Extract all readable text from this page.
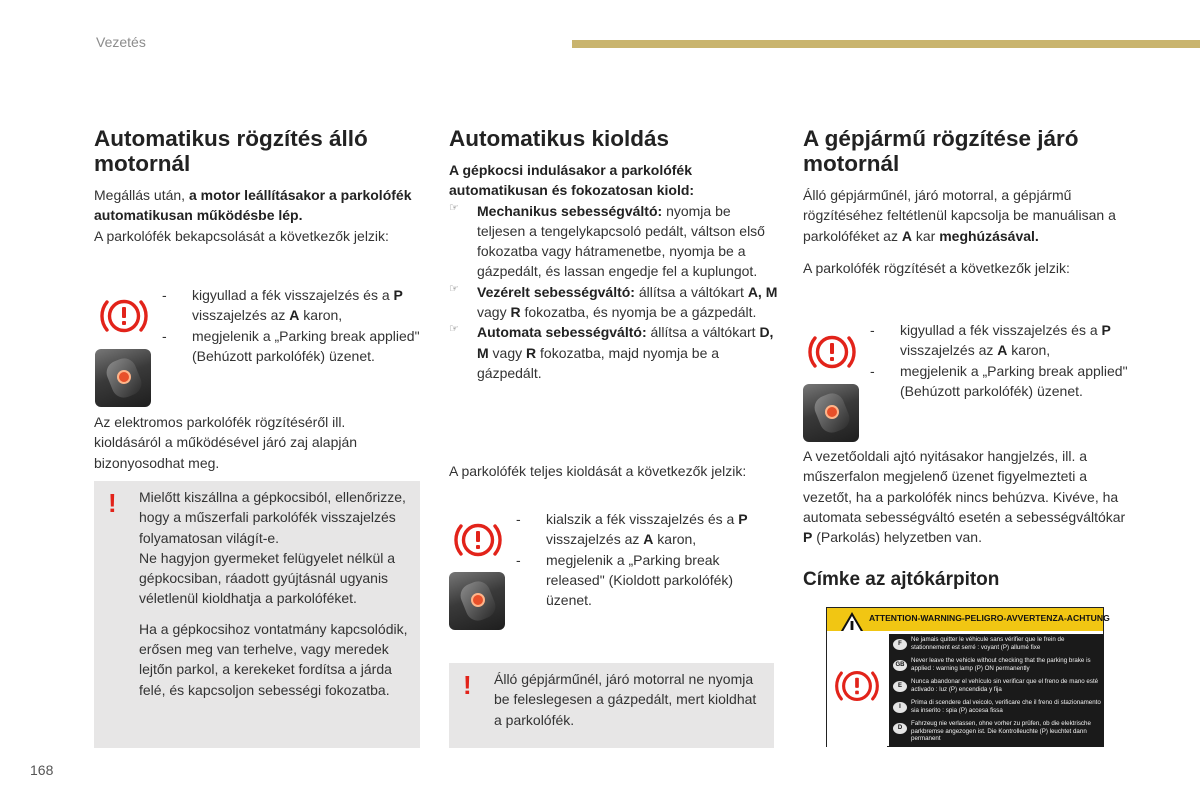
Vezetés
Automatikus rögzítés álló motornál

Megállás után, a motor leállításakor a parkolófék automatikusan működésbe lép.
A parkolófék bekapcsolását a következők jelzik:

- kigyullad a fék visszajelzés és a P visszajelzés az A karon,
- megjelenik a „Parking break applied" (Behúzott parkolófék) üzenet.

Az elektromos parkolófék rögzítéséről ill. kioldásáról a működésével járó zaj alapján bizonyosodhat meg.

! Mielőtt kiszállna a gépkocsiból, ellenőrizze, hogy a műszerfali parkolófék visszajelzés folyamatosan világít-e.

Ne hagyjon gyermeket felügyelet nélkül a gépkocsiban, ráadott gyújtásnál ugyanis véletlenül kioldhatja a parkolóféket.

Ha a gépkocsihoz vontatmány kapcsolódik, erősen meg van terhelve, vagy meredek lejtőn parkol, a kerekeket fordítsa a járda felé, és kapcsoljon sebességi fokozatba.

Automatikus kioldás

A gépkocsi indulásakor a parkolófék automatikusan és fokozatosan kiold:

☞ Mechanikus sebességváltó: nyomja be teljesen a tengelykapcsoló pedált, váltson első fokozatba vagy hátramenetbe, nyomja be a gázpedált, és lassan engedje fel a kuplungot.

☞ Vezérelt sebességváltó: állítsa a váltókart A, M vagy R fokozatba, és nyomja be a gázpedált.

☞ Automata sebességváltó: állítsa a váltókart D, M vagy R fokozatba, majd nyomja be a gázpedált.

A parkolófék teljes kioldását a következők jelzik:

- kialszik a fék visszajelzés és a P visszajelzés az A karon,
- megjelenik a „Parking break released" (Kioldott parkolófék) üzenet.
! Álló gépjárműnél, járó motorral ne nyomja be feleslegesen a gázpedált, mert kioldhat a parkolófék.

A gépjármű rögzítése járó motornál

Álló gépjárműnél, járó motorral, a gépjármű rögzítéséhez feltétlenül kapcsolja be manuálisan a parkolóféket az A kar meghúzásával.

A parkolófék rögzítését a következők jelzik:

- kigyullad a fék visszajelzés és a P visszajelzés az A karon,
- megjelenik a „Parking break applied" (Behúzott parkolófék) üzenet.

A vezetőoldali ajtó nyitásakor hangjelzés, ill. a műszerfalon megjelenő üzenet figyelmezteti a vezetőt, ha a parkolófék nincs behúzva. Kivéve, ha automata sebességváltó esetén a sebességváltókar P (Parkolás) helyzetben van.

Címke az ajtókárpiton
ATTENTION-WARNING-PELIGRO-AVVERTENZA-ACHTUNG
F
Ne jamais quitter le véhicule sans vérifier que le frein de stationnement est serré : voyant (P) allumé fixe
GB
Never leave the vehicle without checking that the parking brake is applied : warning lamp (P) ON permanently
E
Nunca abandonar el vehículo sin verificar que el freno de mano esté activado : luz (P) encendida y fija
I
Prima di scendere dal veicolo, verificare che il freno di stazionamento sia inserito : spia (P) accesa fissa
D
Fahrzeug nie verlassen, ohne vorher zu prüfen, ob die elektrische parkbremse angezogen ist. Die Kontrolleuchte (P) leuchtet dann permanent
168
